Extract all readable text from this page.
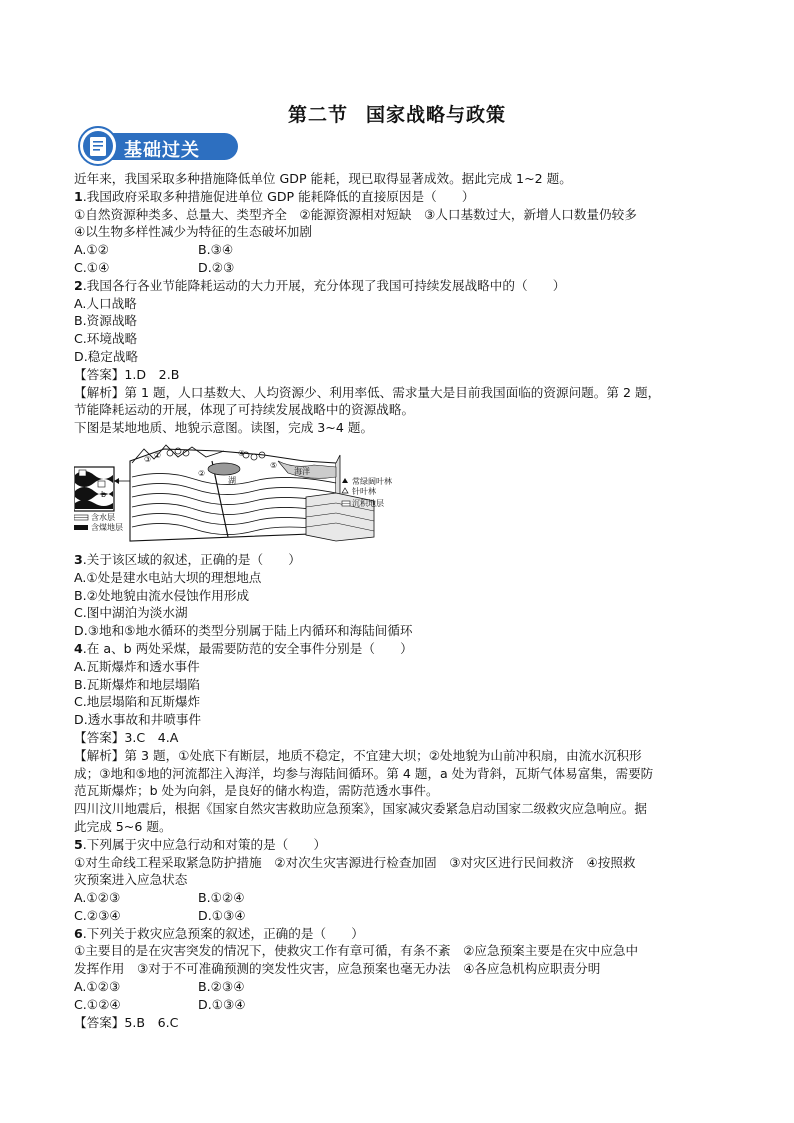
第二节 国家战略与政策
基础过关
近年来，我国采取多种措施降低单位 GDP 能耗，现已取得显著成效。据此完成 1~2 题。
1.我国政府采取多种措施促进单位 GDP 能耗降低的直接原因是（　　）
①自然资源种类多、总量大、类型齐全　②能源资源相对短缺　③人口基数过大，新增人口数量仍较多
④以生物多样性减少为特征的生态破坏加剧
A.①②	B.③④
C.①④	D.②③
2.我国各行各业节能降耗运动的大力开展，充分体现了我国可持续发展战略中的（　　）
A.人口战略
B.资源战略
C.环境战略
D.稳定战略
【答案】1.D　2.B
【解析】第 1 题，人口基数大、人均资源少、利用率低、需求量大是目前我国面临的资源问题。第 2 题，
节能降耗运动的开展，体现了可持续发展战略中的资源战略。
下图是某地地质、地貌示意图。读图，完成 3~4 题。
含水层
含煤地层
a
b
湖
海洋
常绿阔叶林
针叶林
沉积地层
①
②
③
④
⑤
3.关于该区域的叙述，正确的是（　　）
A.①处是建水电站大坝的理想地点
B.②处地貌由流水侵蚀作用形成
C.图中湖泊为淡水湖
D.③地和⑤地水循环的类型分别属于陆上内循环和海陆间循环
4.在 a、b 两处采煤，最需要防范的安全事件分别是（　　）
A.瓦斯爆炸和透水事件
B.瓦斯爆炸和地层塌陷
C.地层塌陷和瓦斯爆炸
D.透水事故和井喷事件
【答案】3.C　4.A
【解析】第 3 题，①处底下有断层，地质不稳定，不宜建大坝；②处地貌为山前冲积扇，由流水沉积形
成；③地和⑤地的河流都注入海洋，均参与海陆间循环。第 4 题，a 处为背斜，瓦斯气体易富集，需要防
范瓦斯爆炸；b 处为向斜，是良好的储水构造，需防范透水事件。
四川汶川地震后，根据《国家自然灾害救助应急预案》，国家减灾委紧急启动国家二级救灾应急响应。据
此完成 5~6 题。
5.下列属于灾中应急行动和对策的是（　　）
①对生命线工程采取紧急防护措施　②对次生灾害源进行检查加固　③对灾区进行民间救济　④按照救
灾预案进入应急状态
A.①②③	B.①②④
C.②③④	D.①③④
6.下列关于救灾应急预案的叙述，正确的是（　　）
①主要目的是在灾害突发的情况下，使救灾工作有章可循，有条不紊　②应急预案主要是在灾中应急中
发挥作用　③对于不可准确预测的突发性灾害，应急预案也毫无办法　④各应急机构应职责分明
A.①②③	B.②③④
C.①②④	D.①③④
【答案】5.B　6.C
